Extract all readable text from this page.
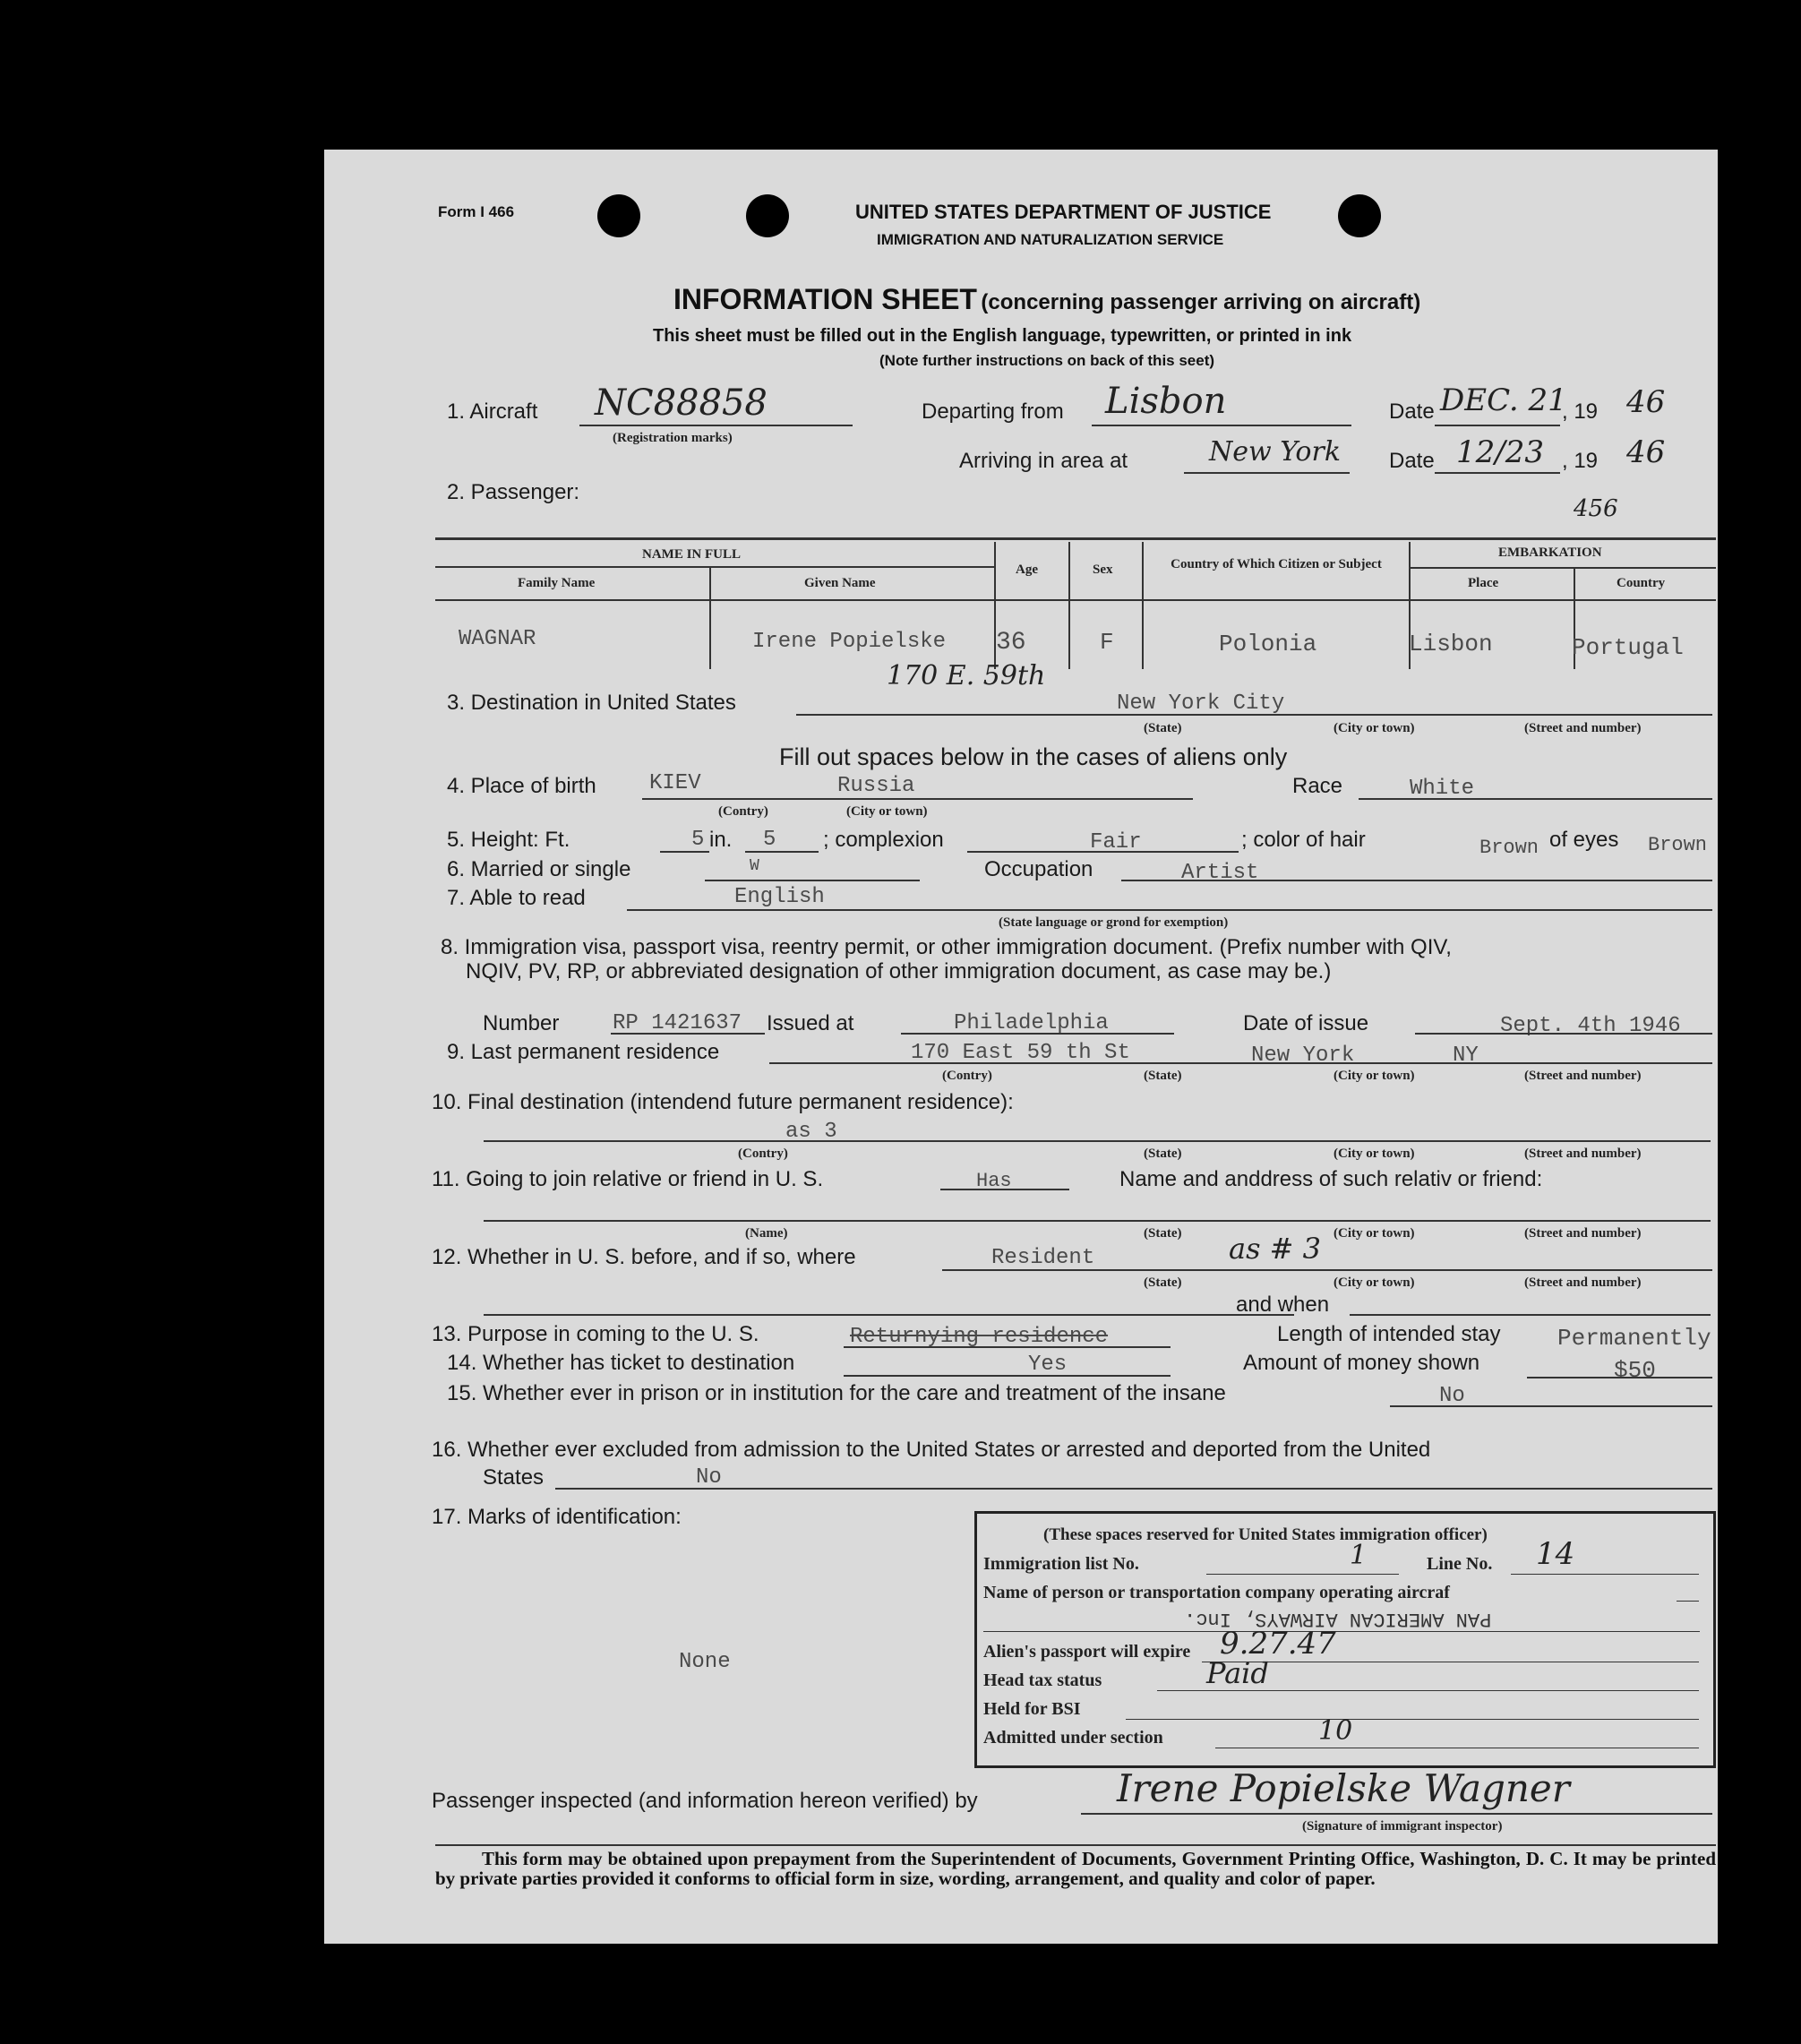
Form I 466	UNITED STATES DEPARTMENT OF JUSTICE
IMMIGRATION AND NATURALIZATION SERVICE
INFORMATION SHEET (concerning passenger arriving on aircraft)
This sheet must be filled out in the English language, typewritten, or printed in ink
(Note further instructions on back of this seet)
1. Aircraft NC88858
(Registration marks)
Departing from Lisbon	Date DEC. 21
, 19 46
Arriving in area at	New York Date 12/23 , 19 46
2. Passenger:
456
NAME IN FULL	EMBARKATION
Family Name	Given Name
Age	Sex	Country of Which Citizen or Subject
Place	Country
WAGNAR	Irene Popielske 36	F	Polonia	Lisbon	Portugal
170 E. 59th
3. Destination in United States	New York City
(State)	(City or town)	(Street and number)
Fill out spaces below in the cases of aliens only
4. Place of birth KIEV	Russia
(Contry)	(City or town)
Race	White
5. Height: Ft.	5 in. 5 ; complexion	Fair	; color of hair	Brown of eyes Brown
6. Married or single	W	Occupation	Artist
7. Able to read	English
(State language or grond for exemption)
8. Immigration visa, passport visa, reentry permit, or other immigration document. (Prefix number with QIV,
NQIV, PV, RP, or abbreviated designation of other immigration document, as case may be.)
Number RP 1421637 Issued at	Philadelphia	Date of issue	Sept. 4th 1946
9. Last permanent residence	170 East 59 th St	New York	NY
(Contry)	(State)	(City or town)	(Street and number)
10. Final destination (intendend future permanent residence):
as 3
(Contry)	(State)	(City or town)	(Street and number)
11. Going to join relative or friend in U. S.	Has	Name and anddress of such relativ or friend:
(Name)	(State)	(City or town)	(Street and number)
12. Whether in U. S. before, and if so, where	Resident	as # 3
(State)	(City or town)	(Street and number)
and when
13. Purpose in coming to the U. S.	Returnying residence	Length of intended stay Permanently
14. Whether has ticket to destination	Yes	Amount of money shown	$50
15. Whether ever in prison or in institution for the care and treatment of the insane	No
16. Whether ever excluded from admission to the United States or arrested and deported from the United
States	No
17. Marks of identification:
None
(These spaces reserved for United States immigration officer)
Immigration list No.	1	Line No. 14
Name of person or transportation company operating aircraf
PAN AMERICAN AIRWAYS, Inc.
Alien's passport will expire 9.27.47
Head tax status	Paid
Held for BSI
Admitted under section	10
Passenger inspected (and information hereon verified) by	Irene Popielske Wagner
(Signature of immigrant inspector)
This form may be obtained upon prepayment from the Superintendent of Documents, Government Printing Office, Washington, D. C. It may be printed by private parties provided it conforms to official form in size, wording, arrangement, and quality and color of paper.
